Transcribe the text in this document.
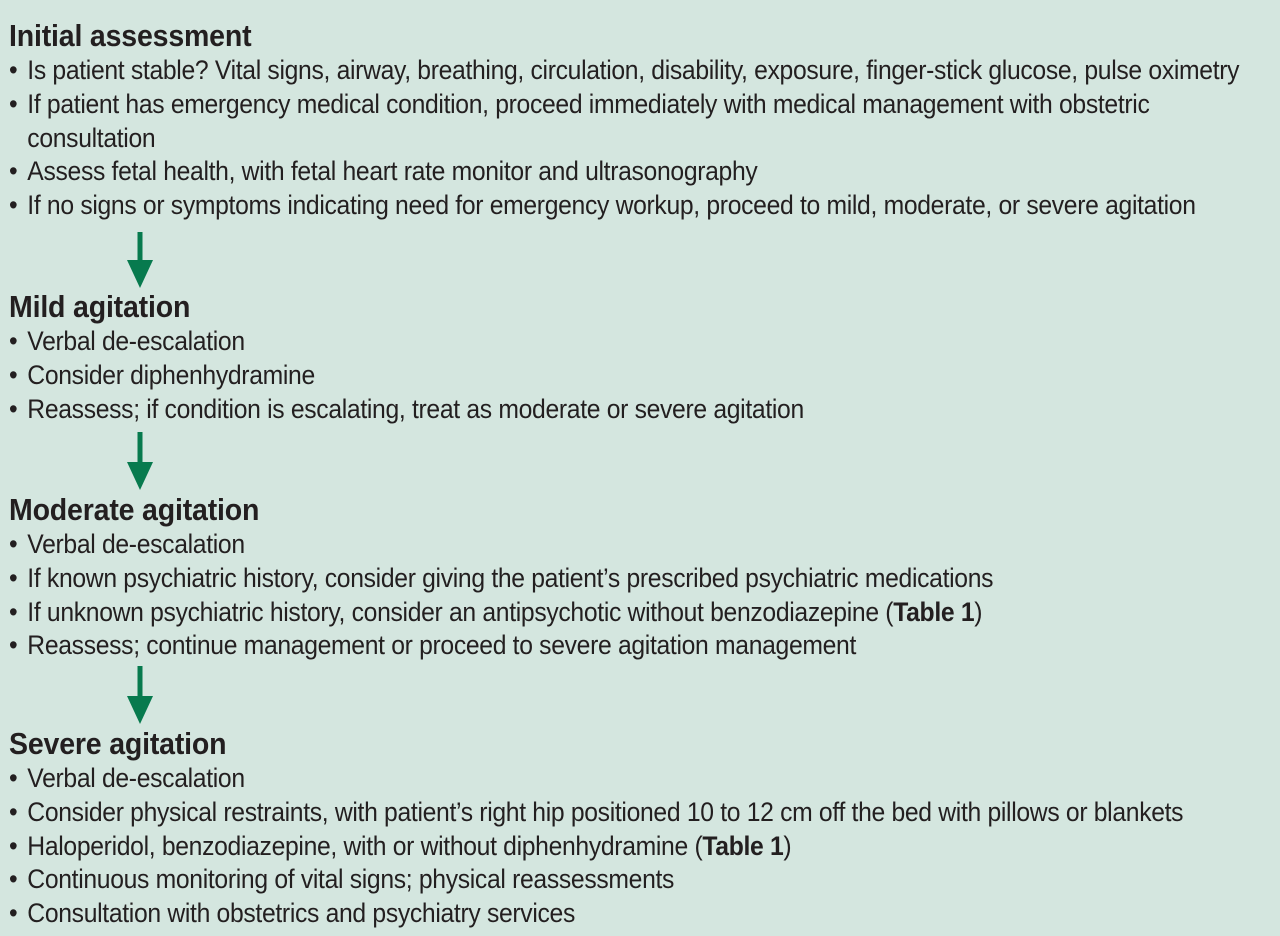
Initial assessment
• Is patient stable? Vital signs, airway, breathing, circulation, disability, exposure, finger-stick glucose, pulse oximetry
• If patient has emergency medical condition, proceed immediately with medical management with obstetric
consultation
• Assess fetal health, with fetal heart rate monitor and ultrasonography
• If no signs or symptoms indicating need for emergency workup, proceed to mild, moderate, or severe agitation
Mild agitation
• Verbal de-escalation
• Consider diphenhydramine
• Reassess; if condition is escalating, treat as moderate or severe agitation
Moderate agitation
• Verbal de-escalation
• If known psychiatric history, consider giving the patient’s prescribed psychiatric medications
• If unknown psychiatric history, consider an antipsychotic without benzodiazepine (Table 1)
• Reassess; continue management or proceed to severe agitation management
Severe agitation
• Verbal de-escalation
• Consider physical restraints, with patient’s right hip positioned 10 to 12 cm off the bed with pillows or blankets
• Haloperidol, benzodiazepine, with or without diphenhydramine (Table 1)
• Continuous monitoring of vital signs; physical reassessments
• Consultation with obstetrics and psychiatry services
